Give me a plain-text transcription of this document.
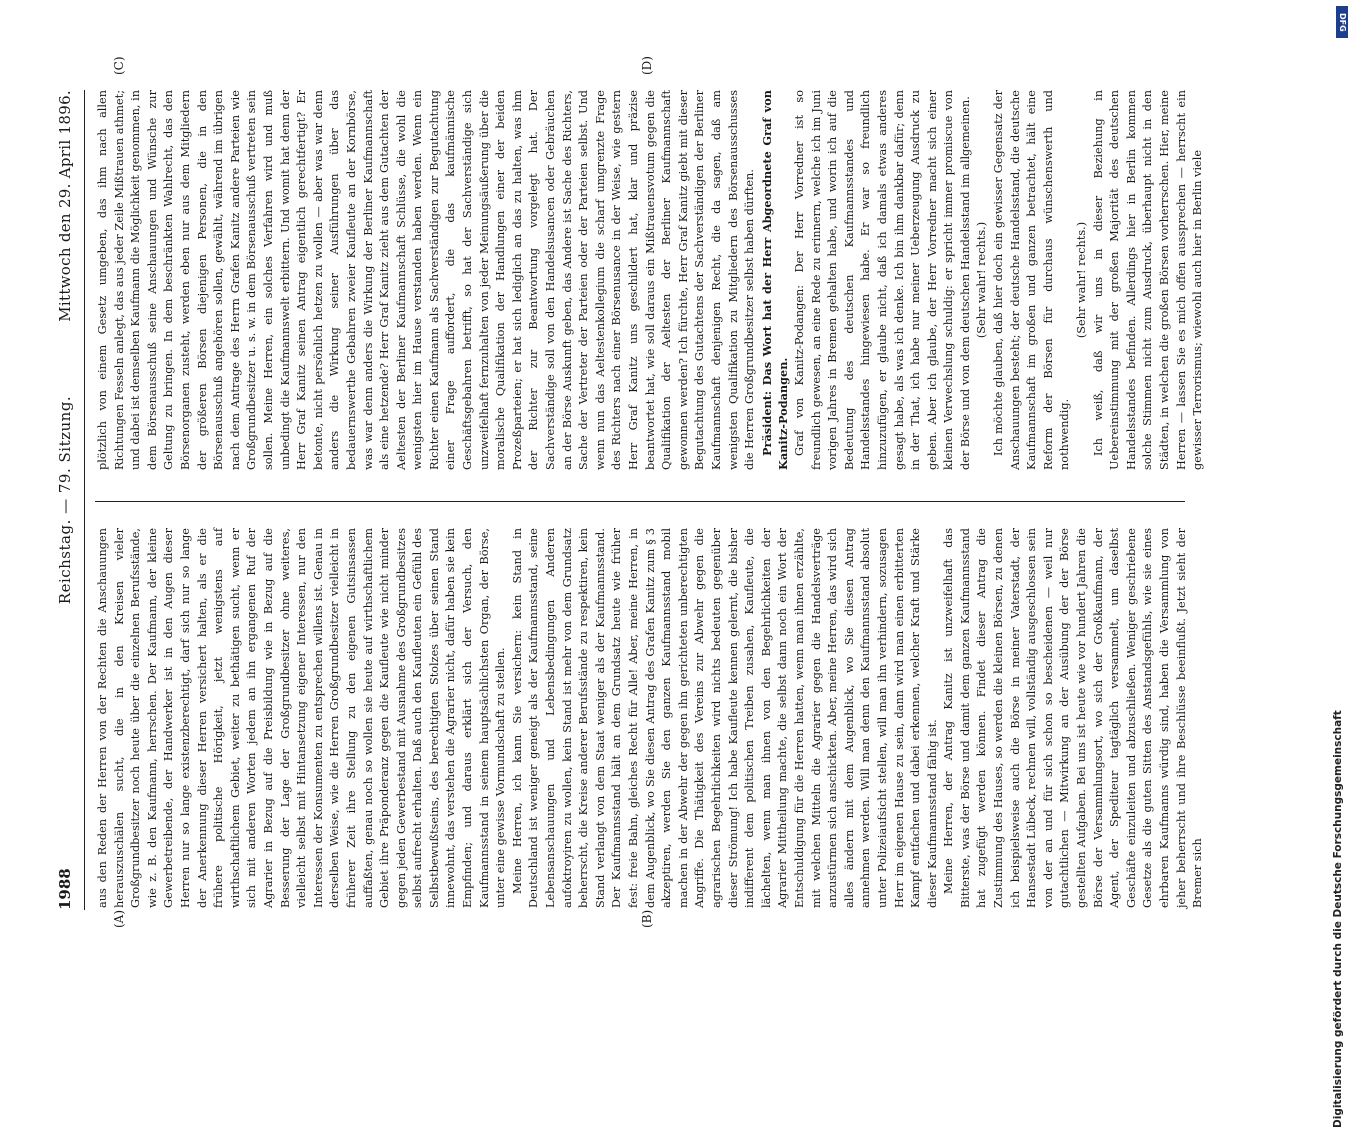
1988
Reichstag. — 79. Sitzung.
Mittwoch den 29. April 1896.
(A)	(B)
(C)	(D)

aus den Reden der Herren von der Rechten die Anschauungen herauszuschälen sucht, die in den Kreisen vieler Großgrundbesitzer noch heute über die einzelnen Berufsstände, wie z. B. den Kaufmann, herrschen. Der Kaufmann, der kleine Gewerbetreibende, der Handwerker ist in den Augen dieser Herren nur so lange existenzberechtigt, darf sich nur so lange der Anerkennung dieser Herren versichert halten, als er die frühere politische Hörigkeit, jetzt wenigstens auf wirthschaftlichem Gebiet, weiter zu bethätigen sucht, wenn er sich mit anderen Worten jedem an ihn ergangenen Ruf der Agrarier in Bezug auf die Preisbildung wie in Bezug auf die Besserung der Lage der Großgrundbesitzer ohne weiteres, vielleicht selbst mit Hintansetzung eigener Interessen, nur den Interessen der Konsumenten zu entsprechen willens ist. Genau in derselben Weise, wie die Herren Großgrundbesitzer vielleicht in früherer Zeit ihre Stellung zu den eigenen Gutsinsassen auffaßten, genau noch so wollen sie heute auf wirthschaftlichem Gebiet ihre Präponderanz gegen die Kaufleute wie nicht minder gegen jeden Gewerbestand mit Ausnahme des Großgrundbesitzes selbst aufrecht erhalten. Daß auch den Kaufleuten ein Gefühl des Selbstbewußtseins, des berechtigten Stolzes über seinen Stand innewohnt, das verstehen die Agrarier nicht, dafür haben sie kein Empfinden; und daraus erklärt sich der Versuch, den Kaufmannsstand in seinem hauptsächlichsten Organ, der Börse, unter eine gewisse Vormundschaft zu stellen. Meine Herren, ich kann Sie versichern: kein Stand in Deutschland ist weniger geneigt als der Kaufmannsstand, seine Lebensanschauungen und Lebensbedingungen Anderen aufoktroyiren zu wollen, kein Stand ist mehr von dem Grundsatz beherrscht, die Kreise anderer Berufsstände zu respektiren, kein Stand verlangt von dem Staat weniger als der Kaufmannsstand. Der Kaufmannsstand hält an dem Grundsatz heute wie früher fest: freie Bahn, gleiches Recht für Alle! Aber, meine Herren, in dem Augenblick, wo Sie diesen Antrag des Grafen Kanitz zum § 3 akzeptiren, werden Sie den ganzen Kaufmannsstand mobil machen in der Abwehr der gegen ihn gerichteten unberechtigten Angriffe. Die Thätigkeit des Vereins zur Abwehr gegen die agrarischen Begehrlichkeiten wird nichts bedeuten gegenüber dieser Strömung! Ich habe Kaufleute kennen gelernt, die bisher indifferent dem politischen Treiben zusahen, Kaufleute, die lächelten, wenn man ihnen von den Begehrlichkeiten der Agrarier Mittheilung machte, die selbst dann noch ein Wort der Entschuldigung für die Herren hatten, wenn man ihnen erzählte, mit welchen Mitteln die Agrarier gegen die Handelsverträge anzustürmen sich anschickten. Aber, meine Herren, das wird sich alles ändern mit dem Augenblick, wo Sie diesen Antrag annehmen werden. Will man denn den Kaufmannsstand absolut unter Polizeiaufsicht stellen, will man ihn verhindern, sozusagen Herr im eigenen Hause zu sein, dann wird man einen erbitterten Kampf entfachen und dabei erkennen, welcher Kraft und Stärke dieser Kaufmannsstand fähig ist. Meine Herren, der Antrag Kanitz ist unzweifelhaft das Bitterste, was der Börse und damit dem ganzen Kaufmannsstand hat zugefügt werden können. Findet dieser Antrag die Zustimmung des Hauses, so werden die kleinen Börsen, zu denen ich beispielsweise auch die Börse in meiner Vaterstadt, der Hansestadt Lübeck, rechnen will, vollständig ausgeschlossen sein von der an und für sich schon so bescheidenen — weil nur gutachtlichen — Mitwirkung an der Ausübung der der Börse gestellten Aufgaben. Bei uns ist heute wie vor hundert Jahren die Börse der Versammlungsort, wo sich der Großkaufmann, der Agent, der Spediteur tagtäglich versammelt, um daselbst Geschäfte einzuleiten und abzuschließen. Weniger geschriebene Gesetze als die guten Sitten des Anstandsgefühls, wie sie eines ehrbaren Kaufmanns würdig sind, haben die Versammlung von jeher beherrscht und ihre Beschlüsse beeinflußt. Jetzt sieht der Bremer sich

plötzlich von einem Gesetz umgeben, das ihm nach allen Richtungen Fesseln anlegt, das aus jeder Zeile Mißtrauen athmet; und dabei ist demselben Kaufmann die Möglichkeit genommen, in dem Börsenausschuß seine Anschauungen und Wünsche zur Geltung zu bringen. In dem beschränkten Wahlrecht, das den Börsenorganen zusteht, werden eben nur aus dem Mitgliedern der größeren Börsen diejenigen Personen, die in den Börsenausschuß angehören sollen, gewählt, während im übrigen nach dem Antrage des Herrn Grafen Kanitz andere Parteien wie Großgrundbesitzer u. s. w. in dem Börsenausschuß vertreten sein sollen. Meine Herren, ein solches Verfahren wird und muß unbedingt die Kaufmannswelt erbittern. Und womit hat denn der Herr Graf Kanitz seinen Antrag eigentlich gerechtfertigt? Er betonte, nicht persönlich hetzen zu wollen — aber was war denn anders die Wirkung seiner Ausführungen über das bedauernswerthe Gebahren zweier Kaufleute an der Kornbörse, was war denn anders die Wirkung der Berliner Kaufmannschaft als eine hetzende? Herr Graf Kanitz zieht aus dem Gutachten der Aeltesten der Berliner Kaufmannschaft Schlüsse, die wohl die wenigsten hier im Hause verstanden haben werden. Wenn ein Richter einen Kaufmann als Sachverständigen zur Begutachtung einer Frage auffordert, die das kaufmännische Geschäftsgebahren betrifft, so hat der Sachverständige sich unzweifelhaft fernzuhalten von jeder Meinungsäußerung über die moralische Qualifikation der Handlungen einer der beiden Prozeßparteien; er hat sich lediglich an das zu halten, was ihm der Richter zur Beantwortung vorgelegt hat. Der Sachverständige soll von den Handelsusancen oder Gebräuchen an der Börse Auskunft geben, das Andere ist Sache des Richters, Sache der Vertreter der Parteien oder der Parteien selbst. Und wenn nun das Aeltestenkollegium die scharf umgrenzte Frage des Richters nach einer Börsenusance in der Weise, wie gestern Herr Graf Kanitz uns geschildert hat, klar und präzise beantwortet hat, wie soll daraus ein Mißtrauensvotum gegen die Qualifikation der Aeltesten der Berliner Kaufmannschaft gewonnen werden? Ich fürchte, Herr Graf Kanitz giebt mit dieser Begutachtung des Gutachtens der Sachverständigen der Berliner Kaufmannschaft denjenigen Recht, die da sagen, daß am wenigsten Qualifikation zu Mitgliedern des Börsenausschusses die Herren Großgrundbesitzer selbst haben dürften. Präsident: Das Wort hat der Herr Abgeordnete Graf von Kanitz-Podangen. Graf von Kanitz-Podangen: Der Herr Vorredner ist so freundlich gewesen, an eine Rede zu erinnern, welche ich im Juni vorigen Jahres in Bremen gehalten habe, und worin ich auf die Bedeutung des deutschen Kaufmannsstandes und Handelsstandes hingewiesen habe. Er war so freundlich hinzuzufügen, er glaube nicht, daß ich damals etwas anderes gesagt habe, als was ich denke. Ich bin ihm dankbar dafür; denn in der That, ich habe nur meiner Ueberzeugung Ausdruck zu geben. Aber ich glaube, der Herr Vorredner macht sich einer kleinen Verwechslung schuldig: er spricht immer promiscue von der Börse und von dem deutschen Handelsstand im allgemeinen. (Sehr wahr! rechts.) Ich möchte glauben, daß hier doch ein gewisser Gegensatz der Anschauungen besteht; der deutsche Handelsstand, die deutsche Kaufmannschaft im großen und ganzen betrachtet, hält eine Reform der Börsen für durchaus wünschenswerth und nothwendig.

(Sehr wahr! rechts.) Ich weiß, daß wir uns in dieser Beziehung in Uebereinstimmung mit der großen Majorität des deutschen Handelsstandes befinden. Allerdings hier in Berlin kommen solche Stimmen nicht zum Ausdruck, überhaupt nicht in den Städten, in welchen die großen Börsen vorherrschen. Hier, meine Herren — lassen Sie es mich offen aussprechen — herrscht ein gewisser Terrorismus; wiewohl auch hier in Berlin viele

DFG
Digitalisierung gefördert durch die Deutsche Forschungsgemeinschaft
